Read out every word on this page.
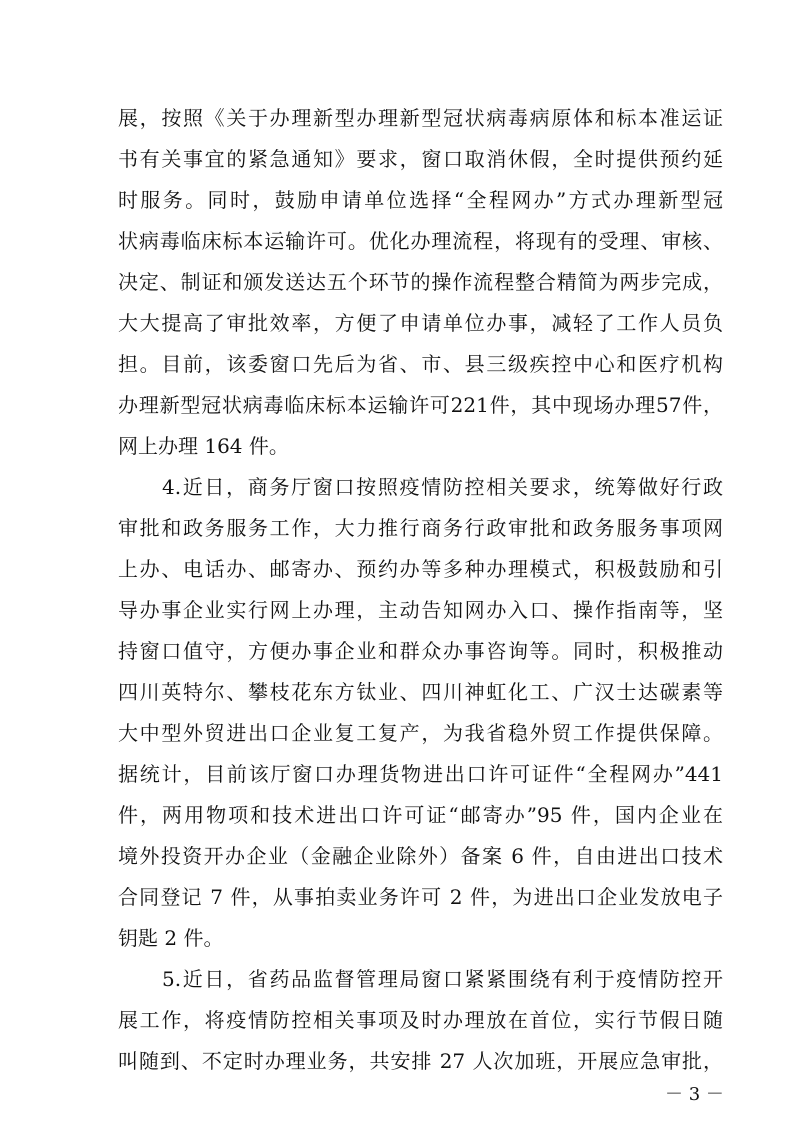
展，按照《关于办理新型办理新型冠状病毒病原体和标本准运证

书有关事宜的紧急通知》要求，窗口取消休假，全时提供预约延

时服务。同时，鼓励申请单位选择“全程网办”方式办理新型冠

状病毒临床标本运输许可。优化办理流程，将现有的受理、审核、

决定、制证和颁发送达五个环节的操作流程整合精简为两步完成，

大大提高了审批效率，方便了申请单位办事，减轻了工作人员负

担。目前，该委窗口先后为省、市、县三级疾控中心和医疗机构

办理新型冠状病毒临床标本运输许可221件，其中现场办理57件，

网上办理 164 件。

4.近日，商务厅窗口按照疫情防控相关要求，统筹做好行政

审批和政务服务工作，大力推行商务行政审批和政务服务事项网

上办、电话办、邮寄办、预约办等多种办理模式，积极鼓励和引

导办事企业实行网上办理，主动告知网办入口、操作指南等，坚

持窗口值守，方便办事企业和群众办事咨询等。同时，积极推动

四川英特尔、攀枝花东方钛业、四川神虹化工、广汉士达碳素等

大中型外贸进出口企业复工复产，为我省稳外贸工作提供保障。

据统计，目前该厅窗口办理货物进出口许可证件“全程网办”441

件，两用物项和技术进出口许可证“邮寄办”95 件，国内企业在

境外投资开办企业（金融企业除外）备案 6 件，自由进出口技术

合同登记 7 件，从事拍卖业务许可 2 件，为进出口企业发放电子

钥匙 2 件。

5.近日，省药品监督管理局窗口紧紧围绕有利于疫情防控开

展工作，将疫情防控相关事项及时办理放在首位，实行节假日随

叫随到、不定时办理业务，共安排 27 人次加班，开展应急审批，

－ 3 －
